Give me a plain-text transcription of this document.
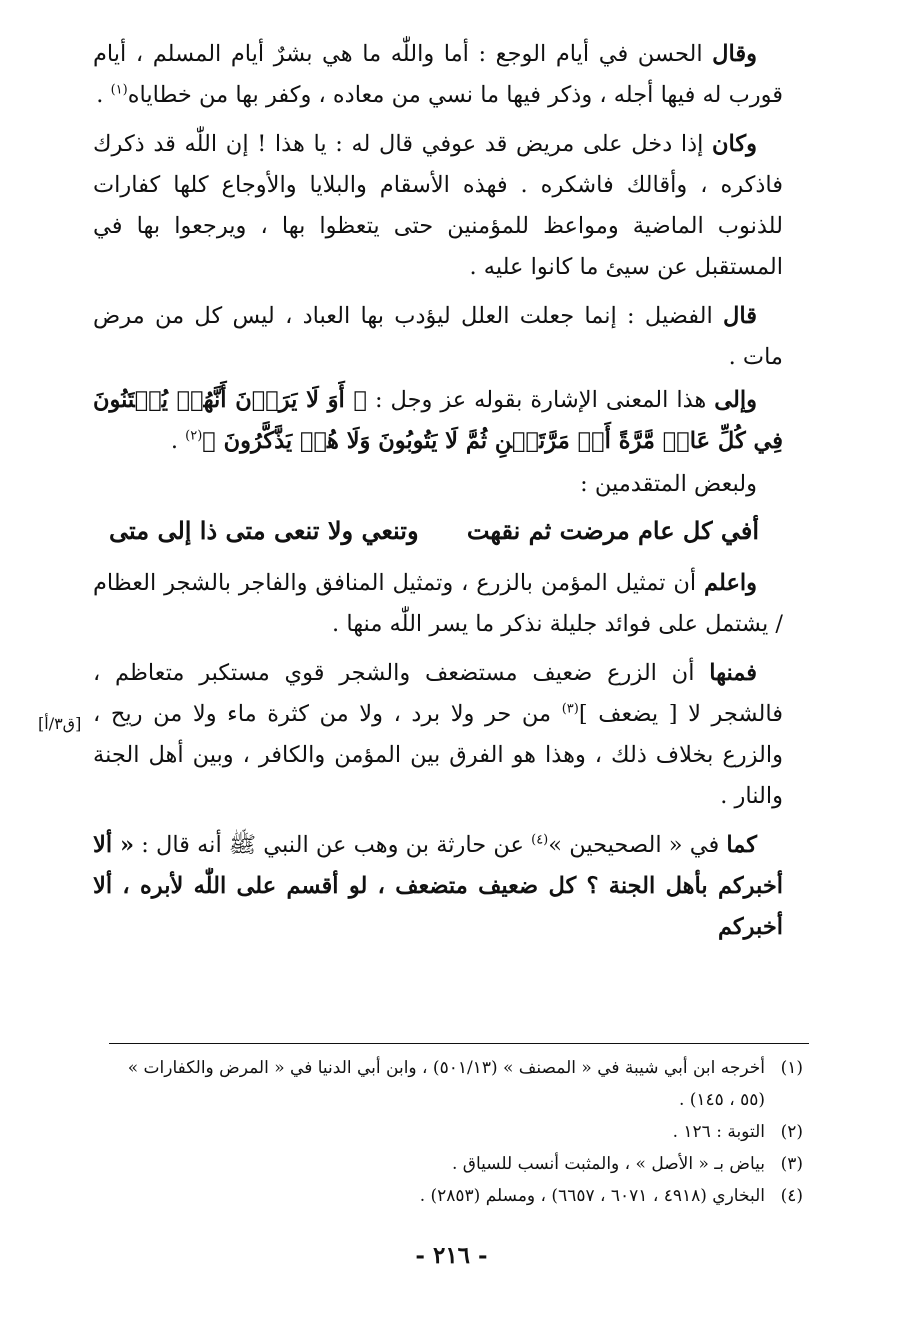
وقال الحسن في أيام الوجع : أما واللّٰه ما هي بشرٌ أيام المسلم ، أيام قورب له فيها أجله ، وذكر فيها ما نسي من معاده ، وكفر بها من خطاياه$^{(١)}$ .

وكان إذا دخل على مريض قد عوفي قال له : يا هذا ! إن اللّٰه قد ذكرك فاذكره ، وأقالك فاشكره . فهذه الأسقام والبلايا والأوجاع كلها كفارات للذنوب الماضية ومواعظ للمؤمنين حتى يتعظوا بها ، ويرجعوا بها في المستقبل عن سيئ ما كانوا عليه .

قال الفضيل : إنما جعلت العلل ليؤدب بها العباد ، ليس كل من مرض مات .

وإلى هذا المعنى الإشارة بقوله عز وجل : ﴿ أَوَ لَا يَرَوۡنَ أَنَّهُمۡ يُفۡتَنُونَ فِي كُلِّ عَامٖ مَّرَّةً أَوۡ مَرَّتَيۡنِ ثُمَّ لَا يَتُوبُونَ وَلَا هُمۡ يَذَّكَّرُونَ ﴾$^{(٢)}$ .

ولبعض المتقدمين :

أفي كل عام مرضت ثم نقهت
وتنعي ولا تنعى متى ذا إلى متى

واعلم أن تمثيل المؤمن بالزرع ، وتمثيل المنافق والفاجر بالشجر العظام / يشتمل على فوائد جليلة نذكر ما يسر اللّٰه منها .

فمنها أن الزرع ضعيف مستضعف والشجر قوي مستكبر متعاظم ، فالشجر لا [ يضعف ]$^{(٣)}$ من حر ولا برد ، ولا من كثرة ماء ولا من ريح ، والزرع بخلاف ذلك ، وهذا هو الفرق بين المؤمن والكافر ، وبين أهل الجنة والنار .

كما في « الصحيحين »$^{(٤)}$ عن حارثة بن وهب عن النبي ﷺ أنه قال : « ألا أخبركم بأهل الجنة ؟ كل ضعيف متضعف ، لو أقسم على اللّٰه لأبره ، ألا أخبركم

[ق٣/أ]
(١)
أخرجه ابن أبي شيبة في « المصنف » (٥٠١/١٣) ، وابن أبي الدنيا في « المرض والكفارات » (٥٥ ، ١٤٥) .
(٢)
التوبة : ١٢٦ .
(٣)
بياض بـ « الأصل » ، والمثبت أنسب للسياق .
(٤)
البخاري (٤٩١٨ ، ٦٠٧١ ، ٦٦٥٧) ، ومسلم (٢٨٥٣) .
- ٢١٦ -
